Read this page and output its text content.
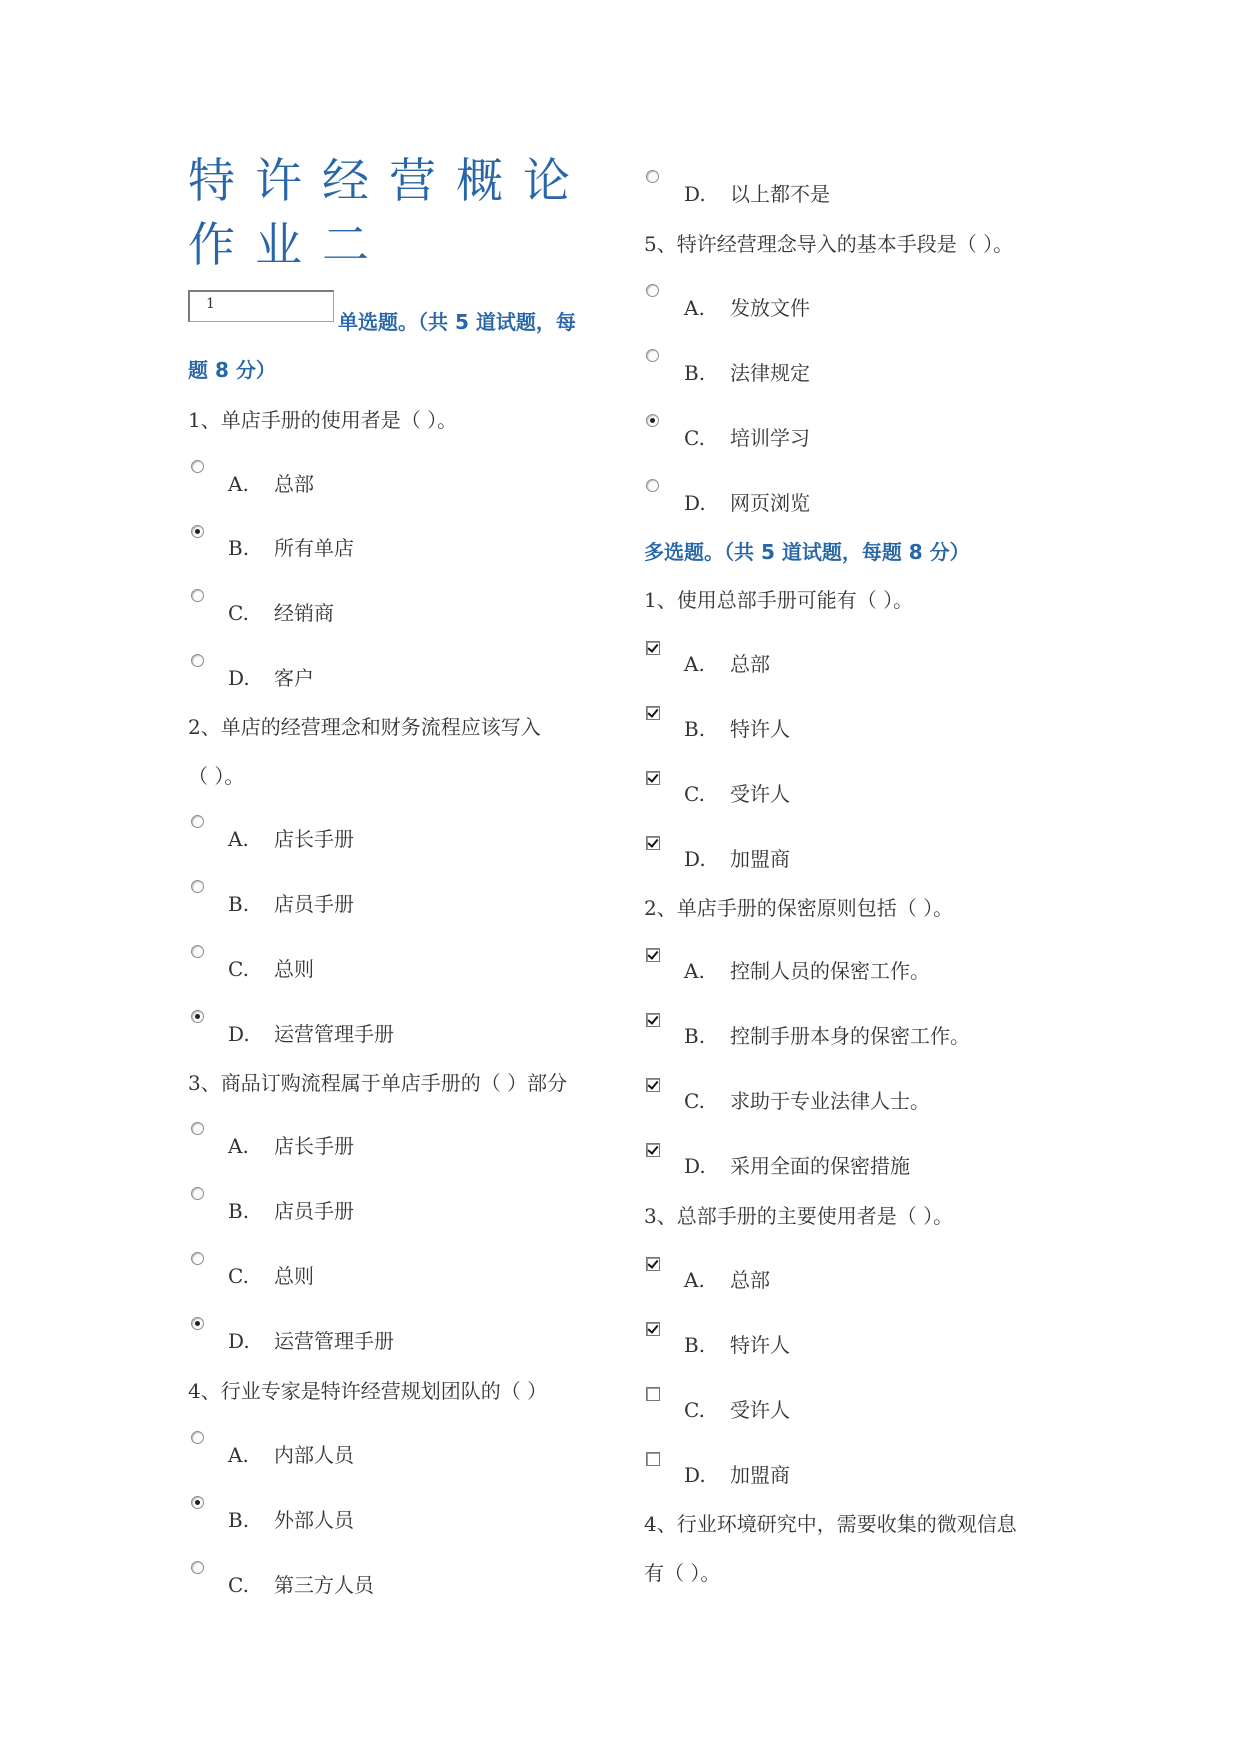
特许经营概论
作业二
1
单选题。（共 5 道试题，每
题 8 分）
1、单店手册的使用者是（ ）。
A. 总部
B. 所有单店
C. 经销商
D. 客户
2、单店的经营理念和财务流程应该写入
（ ）。
A. 店长手册
B. 店员手册
C. 总则
D. 运营管理手册
3、商品订购流程属于单店手册的（ ）部分
A. 店长手册
B. 店员手册
C. 总则
D. 运营管理手册
4、行业专家是特许经营规划团队的（ ）
A. 内部人员
B. 外部人员
C. 第三方人员
D. 以上都不是
5、特许经营理念导入的基本手段是（ ）。
A. 发放文件
B. 法律规定
C. 培训学习
D. 网页浏览
多选题。（共 5 道试题，每题 8 分）
1、使用总部手册可能有（ ）。
A. 总部
B. 特许人
C. 受许人
D. 加盟商
2、单店手册的保密原则包括（ ）。
A. 控制人员的保密工作。
B. 控制手册本身的保密工作。
C. 求助于专业法律人士。
D. 采用全面的保密措施
3、总部手册的主要使用者是（ ）。
A. 总部
B. 特许人
C. 受许人
D. 加盟商
4、行业环境研究中，需要收集的微观信息
有（ ）。
